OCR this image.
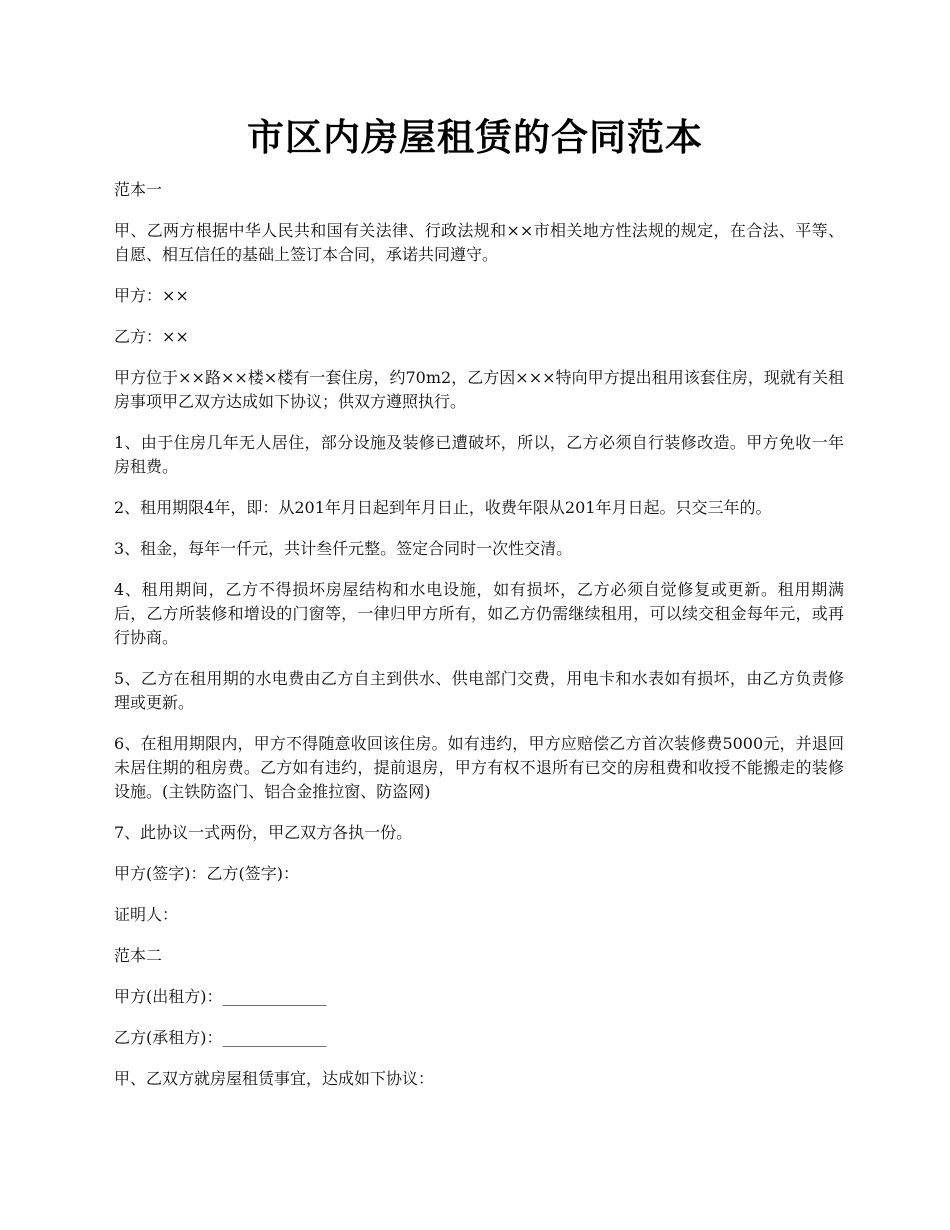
市区内房屋租赁的合同范本

范本一

甲、乙两方根据中华人民共和国有关法律、行政法规和××市相关地方性法规的规定，在合法、平等、自愿、相互信任的基础上签订本合同，承诺共同遵守。

甲方：××

乙方：××

甲方位于××路××楼×楼有一套住房，约70m2，乙方因×××特向甲方提出租用该套住房，现就有关租房事项甲乙双方达成如下协议；供双方遵照执行。

1、由于住房几年无人居住，部分设施及装修已遭破坏，所以，乙方必须自行装修改造。甲方免收一年房租费。

2、租用期限4年，即：从201年月日起到年月日止，收费年限从201年月日起。只交三年的。

3、租金，每年一仟元，共计叁仟元整。签定合同时一次性交清。

4、租用期间，乙方不得损坏房屋结构和水电设施，如有损坏，乙方必须自觉修复或更新。租用期满后，乙方所装修和增设的门窗等，一律归甲方所有，如乙方仍需继续租用，可以续交租金每年元，或再行协商。

5、乙方在租用期的水电费由乙方自主到供水、供电部门交费，用电卡和水表如有损坏，由乙方负责修理或更新。

6、在租用期限内，甲方不得随意收回该住房。如有违约，甲方应赔偿乙方首次装修费5000元，并退回未居住期的租房费。乙方如有违约，提前退房，甲方有权不退所有已交的房租费和收授不能搬走的装修设施。(主铁防盗门、铝合金推拉窗、防盗网)

7、此协议一式两份，甲乙双方各执一份。

甲方(签字)：乙方(签字)：

证明人：

范本二

甲方(出租方)：_____________

乙方(承租方)：_____________

甲、乙双方就房屋租赁事宜，达成如下协议：
